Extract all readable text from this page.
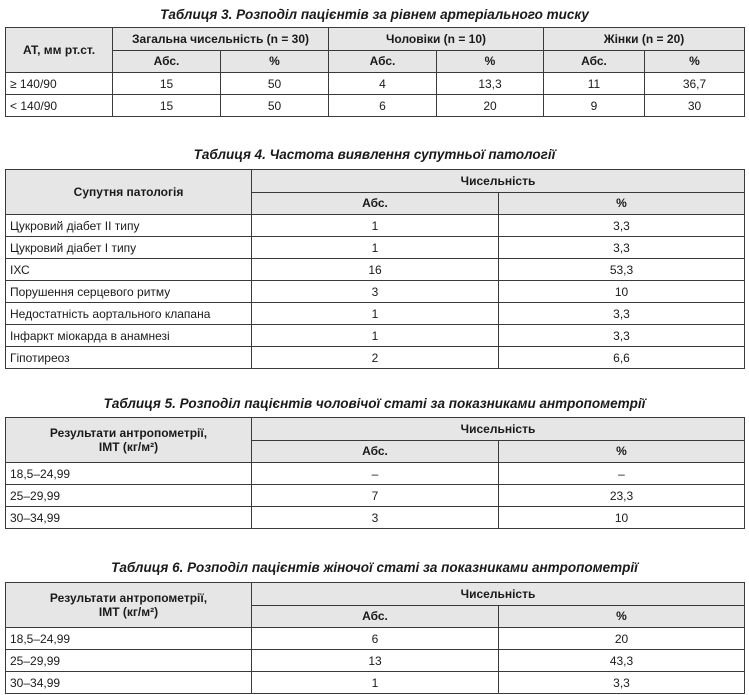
Таблиця 3. Розподіл пацієнтів за рівнем артеріального тиску
АТ, мм рт.ст.	Загальна чисельність (n = 30)		Чоловіки (n = 10)		Жінки (n = 20)	
	Абс.	%	Абс.	%	Абс.	%
≥ 140/90	15	50	4	13,3	11	36,7
< 140/90	15	50	6	20	9	30
Таблиця 4. Частота виявлення супутньої патології
Супутня патологія	Чисельність	
	Абс.	%
Цукровий діабет II типу	1	3,3
Цукровий діабет I типу	1	3,3
ІХС	16	53,3
Порушення серцевого ритму	3	10
Недостатність аортального клапана	1	3,3
Інфаркт міокарда в анамнезі	1	3,3
Гіпотиреоз	2	6,6
Таблиця 5. Розподіл пацієнтів чоловічої статі за показниками антропометрії
Результати антропометрії,
ІМТ (кг/м²)	Чисельність	
	Абс.	%
18,5–24,99	–	–
25–29,99	7	23,3
30–34,99	3	10
Таблиця 6. Розподіл пацієнтів жіночої статі за показниками антропометрії
Результати антропометрії,
ІМТ (кг/м²)	Чисельність	
	Абс.	%
18,5–24,99	6	20
25–29,99	13	43,3
30–34,99	1	3,3
